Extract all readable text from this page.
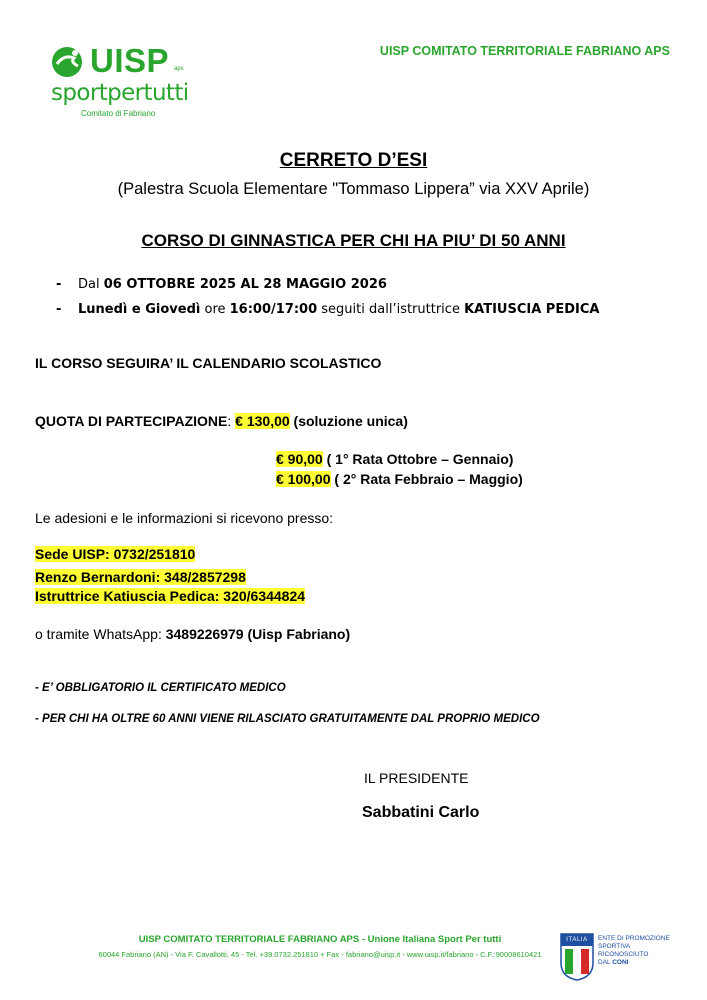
UISP aps
sportpertutti
Comitato di Fabriano
UISP COMITATO TERRITORIALE FABRIANO APS
CERRETO D’ESI
(Palestra Scuola Elementare "Tommaso Lippera” via XXV Aprile)
CORSO DI GINNASTICA PER CHI HA PIU’ DI 50 ANNI
- Dal 06 OTTOBRE 2025 AL 28 MAGGIO 2026
- Lunedì e Giovedì ore 16:00/17:00 seguiti dall’istruttrice KATIUSCIA PEDICA
IL CORSO SEGUIRA’ IL CALENDARIO SCOLASTICO
QUOTA DI PARTECIPAZIONE: € 130,00 (soluzione unica)
€ 90,00 ( 1° Rata Ottobre – Gennaio)
€ 100,00 ( 2° Rata Febbraio – Maggio)
Le adesioni e le informazioni si ricevono presso:
Sede UISP: 0732/251810
Renzo Bernardoni: 348/2857298
Istruttrice Katiuscia Pedica: 320/6344824
o tramite WhatsApp: 3489226979 (Uisp Fabriano)
- E’ OBBLIGATORIO IL CERTIFICATO MEDICO
- PER CHI HA OLTRE 60 ANNI VIENE RILASCIATO GRATUITAMENTE DAL PROPRIO MEDICO
IL PRESIDENTE
Sabbatini Carlo
UISP COMITATO TERRITORIALE FABRIANO APS - Unione Italiana Sport Per tutti
60044 Fabriano (AN) - Via F. Cavallotti, 45 - Tel. +39.0732.251810 + Fax - fabriano@uisp.it - www.uisp.it/fabriano - C.F.:90008610421
ITALIA	ENTE DI PROMOZIONE
SPORTIVA
RICONOSCIUTO
DAL CONI
